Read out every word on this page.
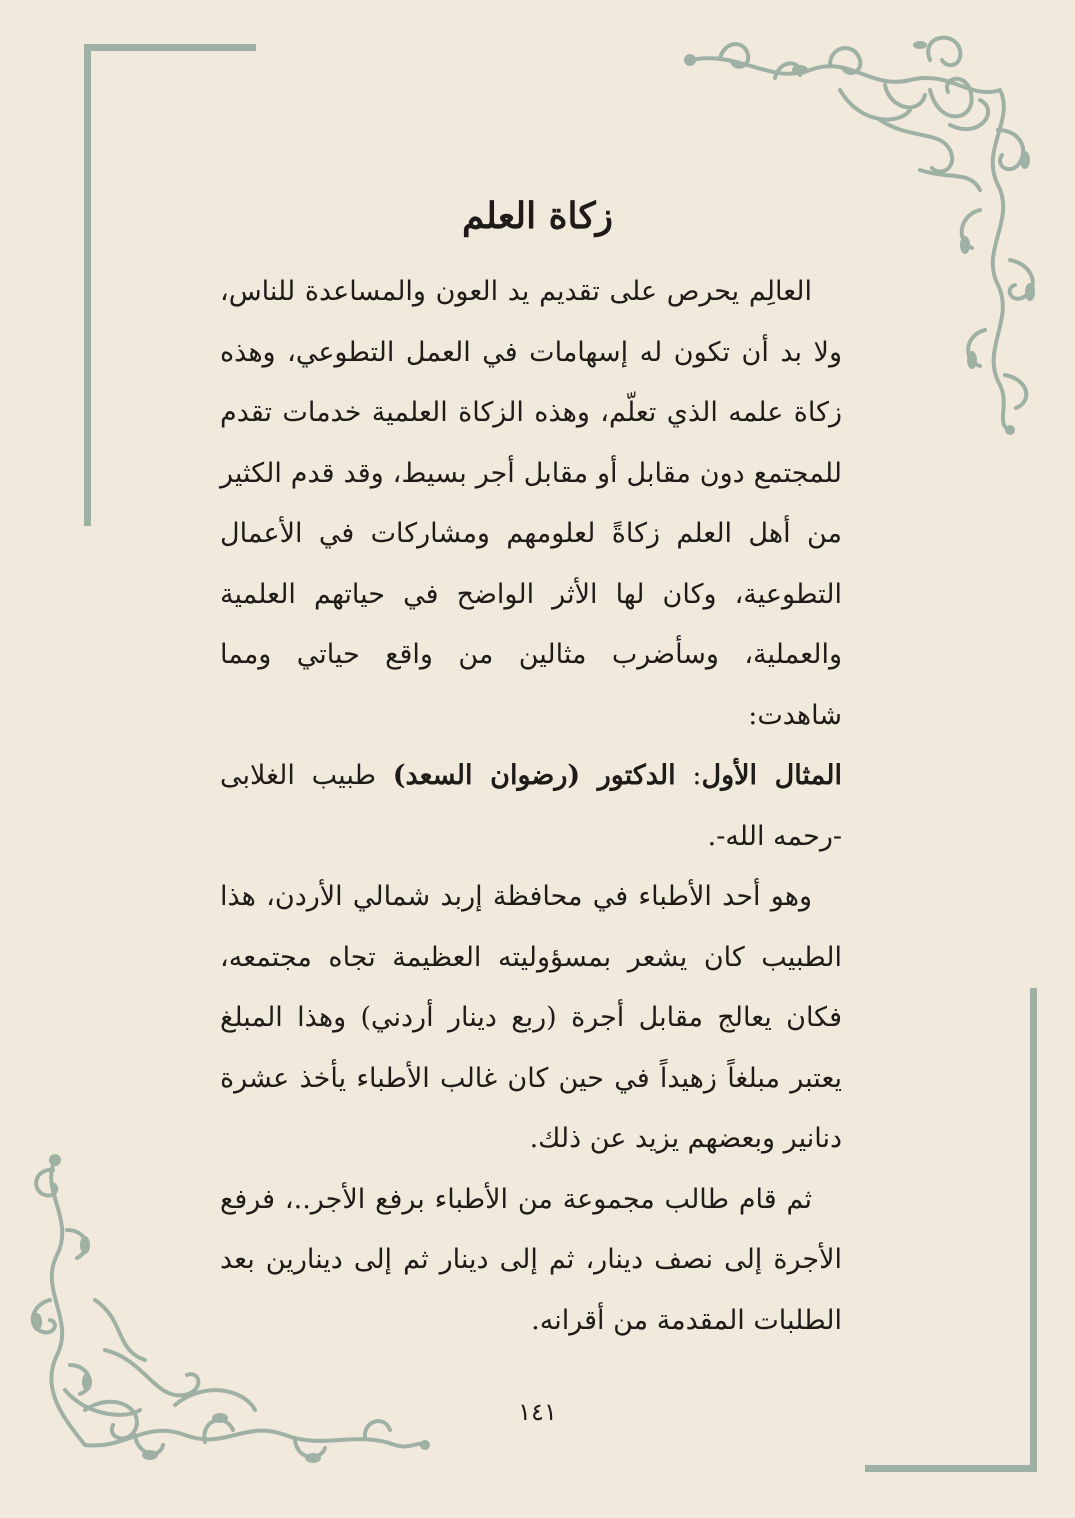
زكاة العلم

العالِم يحرص على تقديم يد العون والمساعدة للناس، ولا بد أن تكون له إسهامات في العمل التطوعي، وهذه زكاة علمه الذي تعلّم، وهذه الزكاة العلمية خدمات تقدم للمجتمع دون مقابل أو مقابل أجر بسيط، وقد قدم الكثير من أهل العلم زكاةً لعلومهم ومشاركات في الأعمال التطوعية، وكان لها الأثر الواضح في حياتهم العلمية والعملية، وسأضرب مثالين من واقع حياتي ومما شاهدت:

المثال الأول: الدكتور (رضوان السعد) طبيب الغلابى -رحمه الله-.

وهو أحد الأطباء في محافظة إربد شمالي الأردن، هذا الطبيب كان يشعر بمسؤوليته العظيمة تجاه مجتمعه، فكان يعالج مقابل أجرة (ربع دينار أردني) وهذا المبلغ يعتبر مبلغاً زهيداً في حين كان غالب الأطباء يأخذ عشرة دنانير وبعضهم يزيد عن ذلك.

ثم قام طالب مجموعة من الأطباء برفع الأجر..، فرفع الأجرة إلى نصف دينار، ثم إلى دينار ثم إلى دينارين بعد الطلبات المقدمة من أقرانه.

١٤١
